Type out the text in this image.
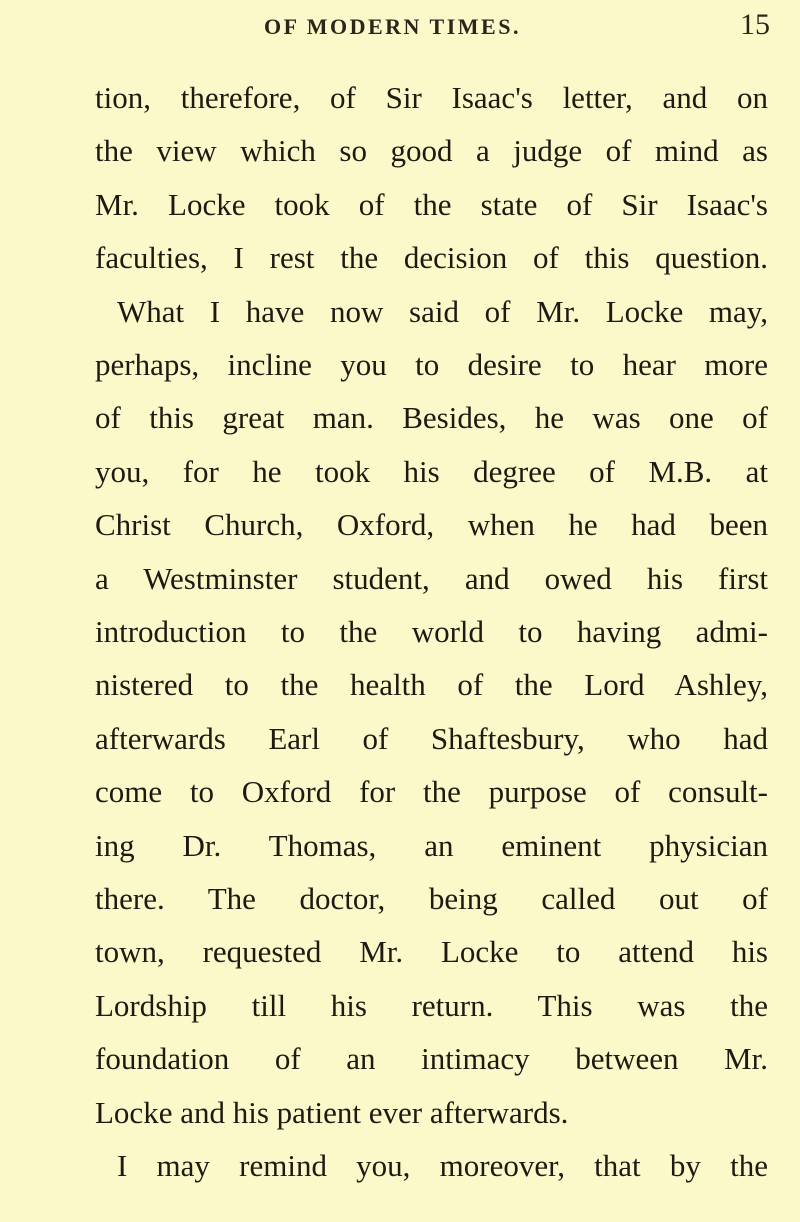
OF MODERN TIMES.	15
tion, therefore, of Sir Isaac's letter, and on
the view which so good a judge of mind as
Mr. Locke took of the state of Sir Isaac's
faculties, I rest the decision of this question.
What I have now said of Mr. Locke may,
perhaps, incline you to desire to hear more
of this great man. Besides, he was one of
you, for he took his degree of M.B. at
Christ Church, Oxford, when he had been
a Westminster student, and owed his first
introduction to the world to having admi-
nistered to the health of the Lord Ashley,
afterwards Earl of Shaftesbury, who had
come to Oxford for the purpose of consult-
ing Dr. Thomas, an eminent physician
there. The doctor, being called out of
town, requested Mr. Locke to attend his
Lordship till his return. This was the
foundation of an intimacy between Mr.
Locke and his patient ever afterwards.
I may remind you, moreover, that by the
